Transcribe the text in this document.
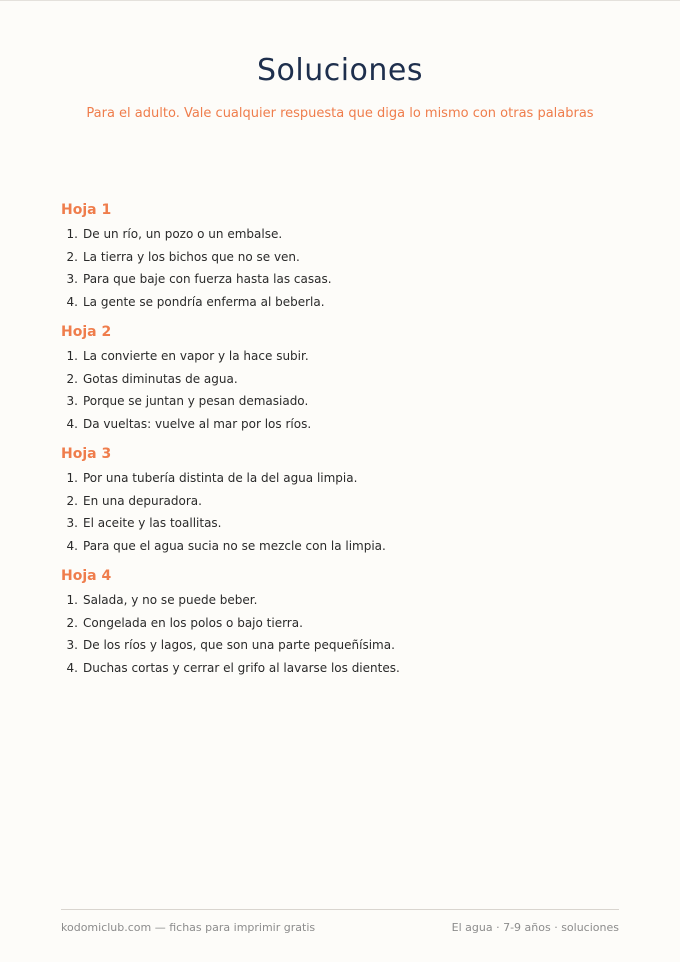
Soluciones
Para el adulto. Vale cualquier respuesta que diga lo mismo con otras palabras
Hoja 1
1. De un río, un pozo o un embalse.
2. La tierra y los bichos que no se ven.
3. Para que baje con fuerza hasta las casas.
4. La gente se pondría enferma al beberla.
Hoja 2
1. La convierte en vapor y la hace subir.
2. Gotas diminutas de agua.
3. Porque se juntan y pesan demasiado.
4. Da vueltas: vuelve al mar por los ríos.
Hoja 3
1. Por una tubería distinta de la del agua limpia.
2. En una depuradora.
3. El aceite y las toallitas.
4. Para que el agua sucia no se mezcle con la limpia.
Hoja 4
1. Salada, y no se puede beber.
2. Congelada en los polos o bajo tierra.
3. De los ríos y lagos, que son una parte pequeñísima.
4. Duchas cortas y cerrar el grifo al lavarse los dientes.
kodomiclub.com — fichas para imprimir gratis	El agua · 7-9 años · soluciones
